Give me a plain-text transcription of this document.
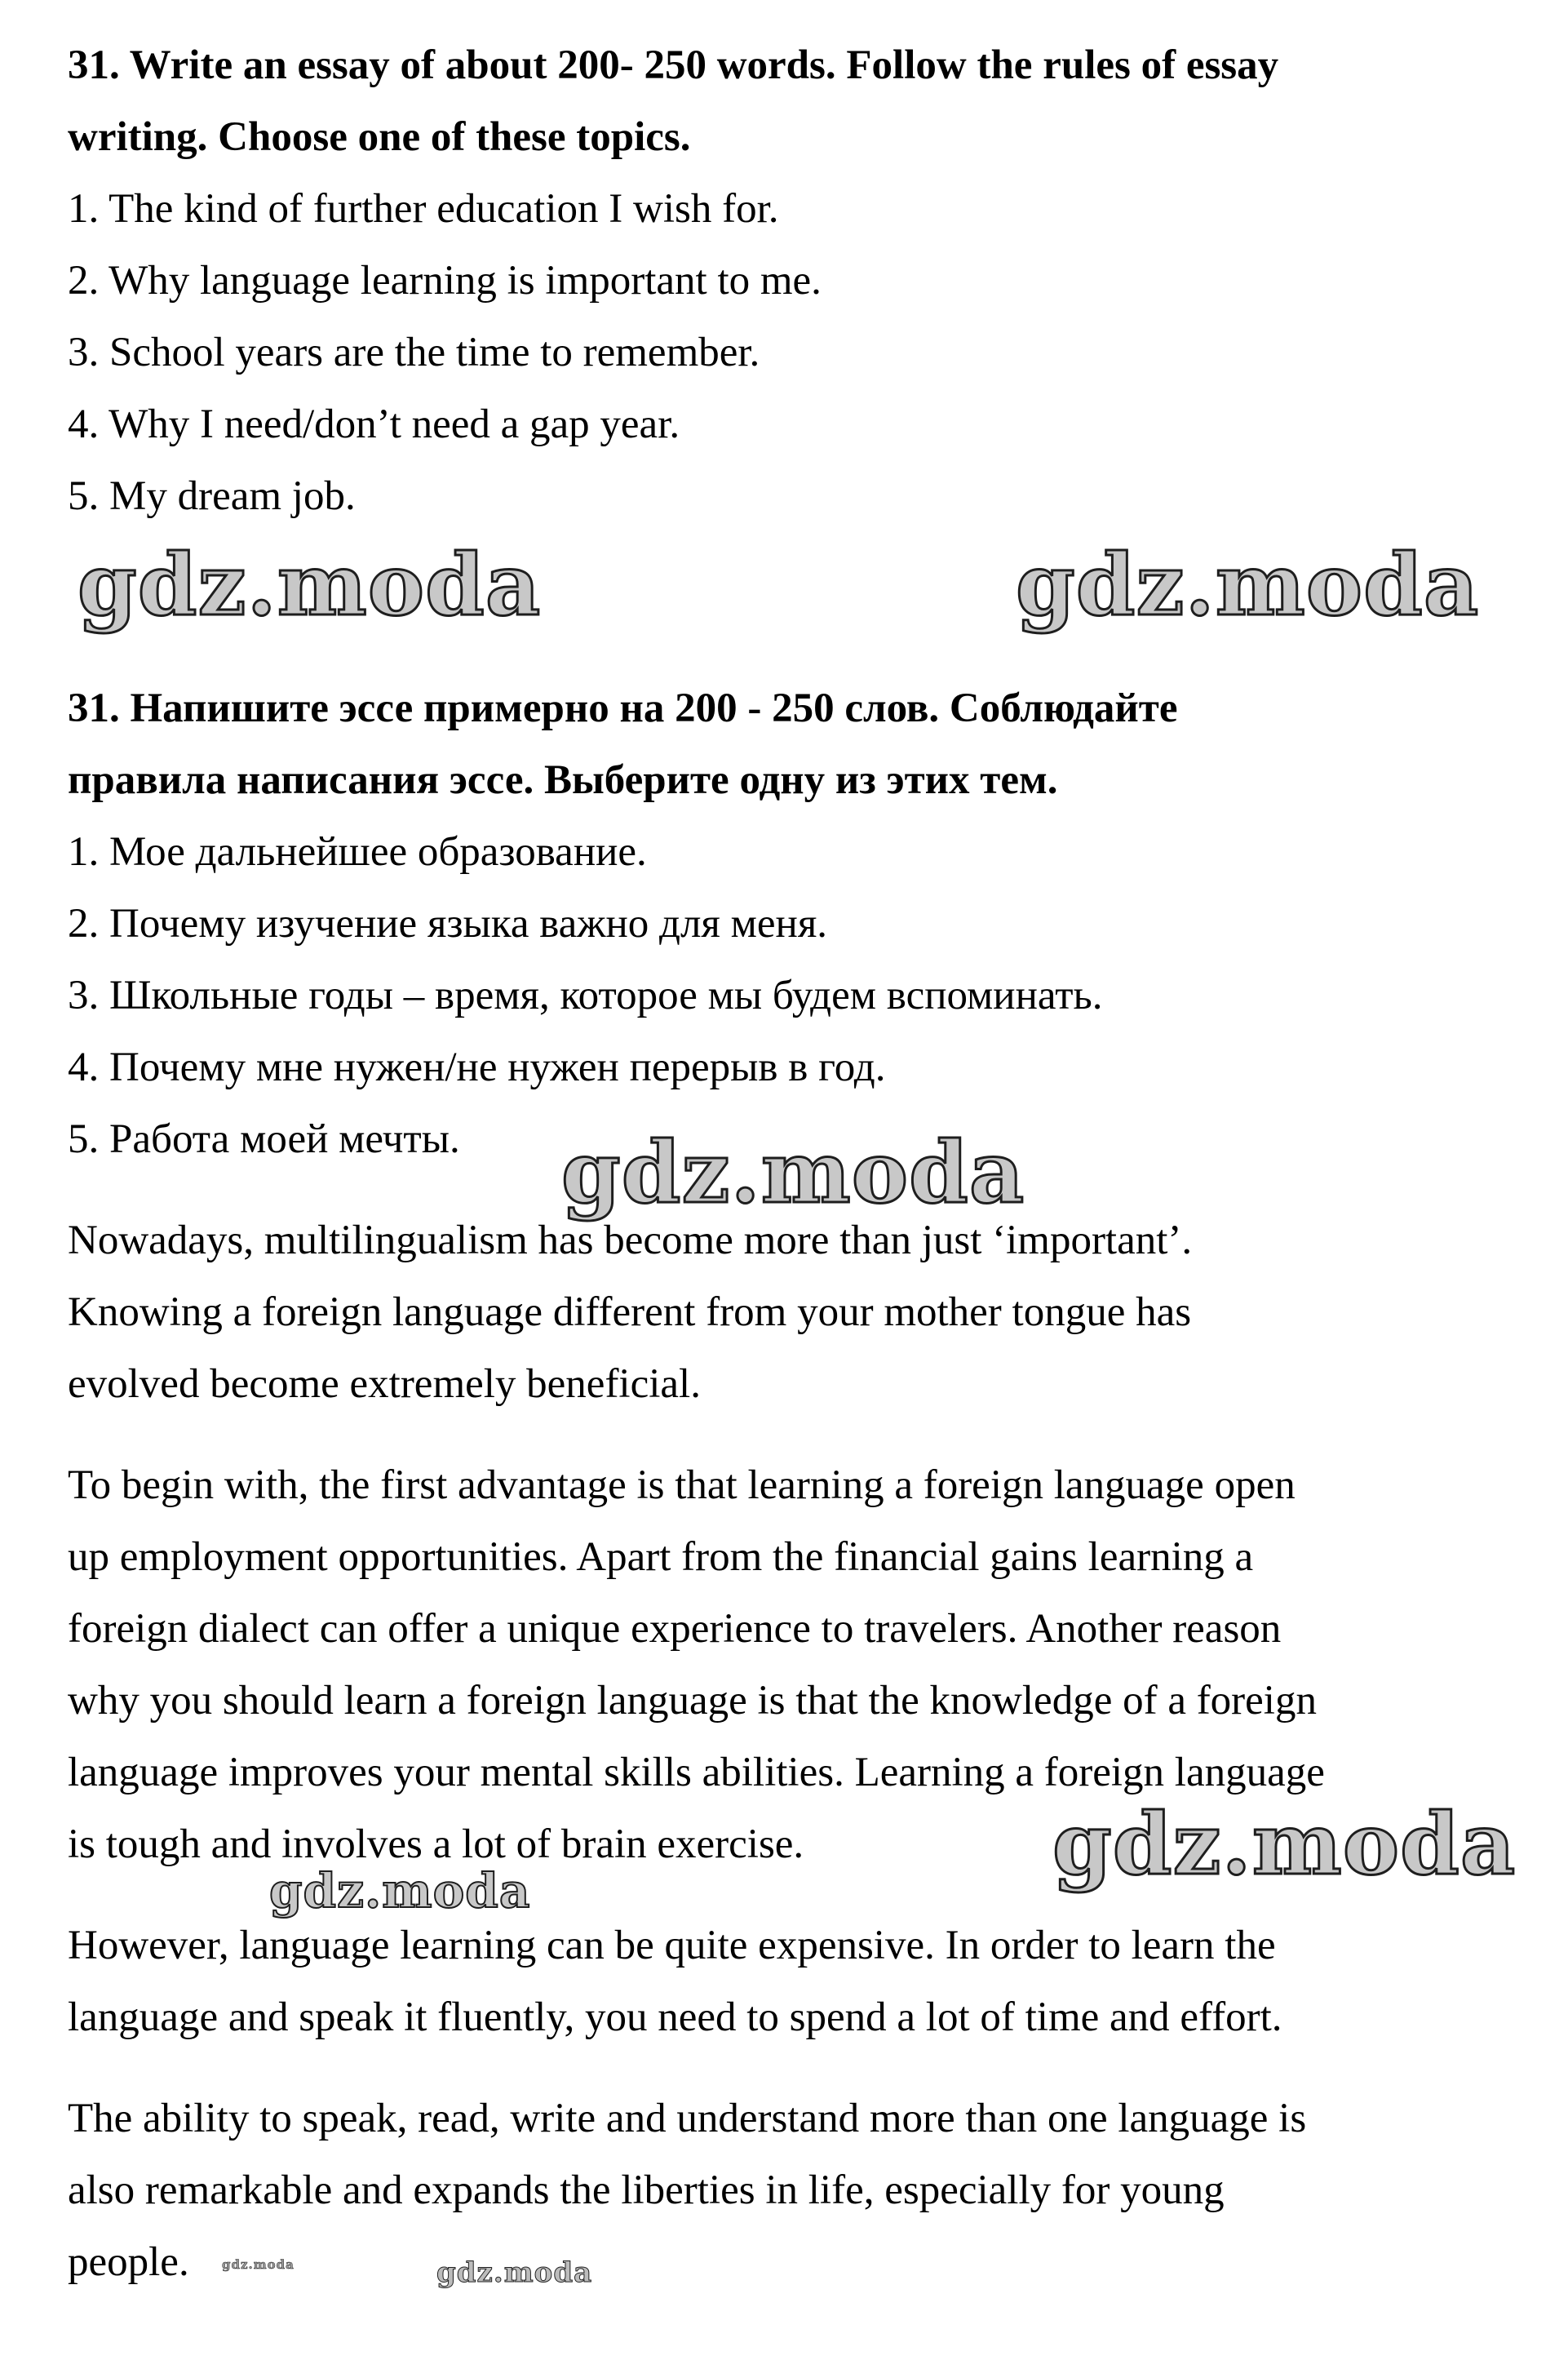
31. Write an essay of about 200- 250 words. Follow the rules of essay

writing. Choose one of these topics.

1. The kind of further education I wish for.

2. Why language learning is important to me.

3. School years are the time to remember.

4. Why I need/don’t need a gap year.

5. My dream job.

gdz.moda	gdz.moda

31. Напишите эссе примерно на 200 - 250 слов. Соблюдайте

правила написания эссе. Выберите одну из этих тем.

1. Мое дальнейшее образование.

2. Почему изучение языка важно для меня.

3. Школьные годы – время, которое мы будем вспоминать.

4. Почему мне нужен/не нужен перерыв в год.

5. Работа моей мечты. gdz.moda

Nowadays, multilingualism has become more than just ‘important’.

Knowing a foreign language different from your mother tongue has

evolved become extremely beneficial.

To begin with, the first advantage is that learning a foreign language open

up employment opportunities. Apart from the financial gains learning a

foreign dialect can offer a unique experience to travelers. Another reason

why you should learn a foreign language is that the knowledge of a foreign

language improves your mental skills abilities. Learning a foreign language

is tough and involves a lot of brain exercise.	gdz.moda

gdz.moda

However, language learning can be quite expensive. In order to learn the

language and speak it fluently, you need to spend a lot of time and effort.

The ability to speak, read, write and understand more than one language is

also remarkable and expands the liberties in life, especially for young

people.	gdz.moda	gdz.moda
